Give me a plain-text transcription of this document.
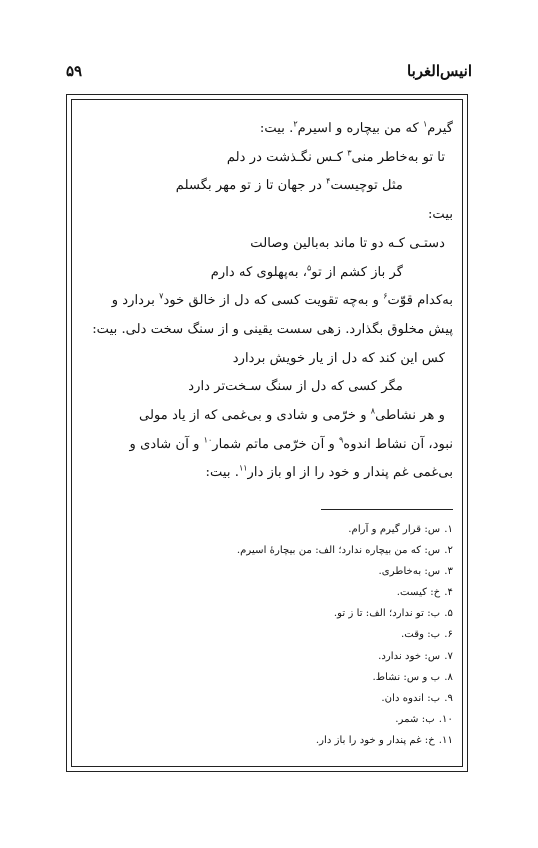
انیس‌الغربا
۵۹

گیرم$^۱$ که من بیچاره و اسیرم$^۲$. بیت:

تا تو به‌خاطر منی$^۳$ کـس نگـذشت در دلم

مثل توچیست$^۴$ در جهان تا ز تو مهر بگسلم

بیت:

دستـی کـه دو تا ماند به‌بالین وصالت

گر باز کشم از تو$^۵$، به‌پهلوی که دارم

به‌کدام قوّت$^۶$ و به‌چه تقویت کسی که دل از خالق خود$^۷$ بردارد و

پیش مخلوق بگذارد. زهی سست یقینی و از سنگ سخت دلی. بیت:

کس این کند که دل از یار خویش بردارد

مگر کسی که دل از سنگ سـخت‌تر دارد

و هر نشاطی$^۸$ و خرّمی و شادی و بی‌غمی که از یاد مولی

نبود، آن نشاط اندوه$^۹$ و آن خرّمی ماتم شمار$^{۱۰}$ و آن شادی و

بی‌غمی غم پندار و خود را از او باز دار$^{۱۱}$. بیت:

۱.س: قرار گیرم و آرام.
۲.س: که من بیچاره ندارد؛ الف: من بیچارهٔ اسیرم.
۳.س: به‌خاطری.
۴.خ: کیست.
۵.ب: تو ندارد؛ الف: تا ز تو.
۶.ب: وقت.
۷.س: خود ندارد.
۸.ب و س: نشاط.
۹.ب: اندوه دان.
۱۰.ب: شمر.
۱۱.خ: غم پندار و خود را باز دار.
